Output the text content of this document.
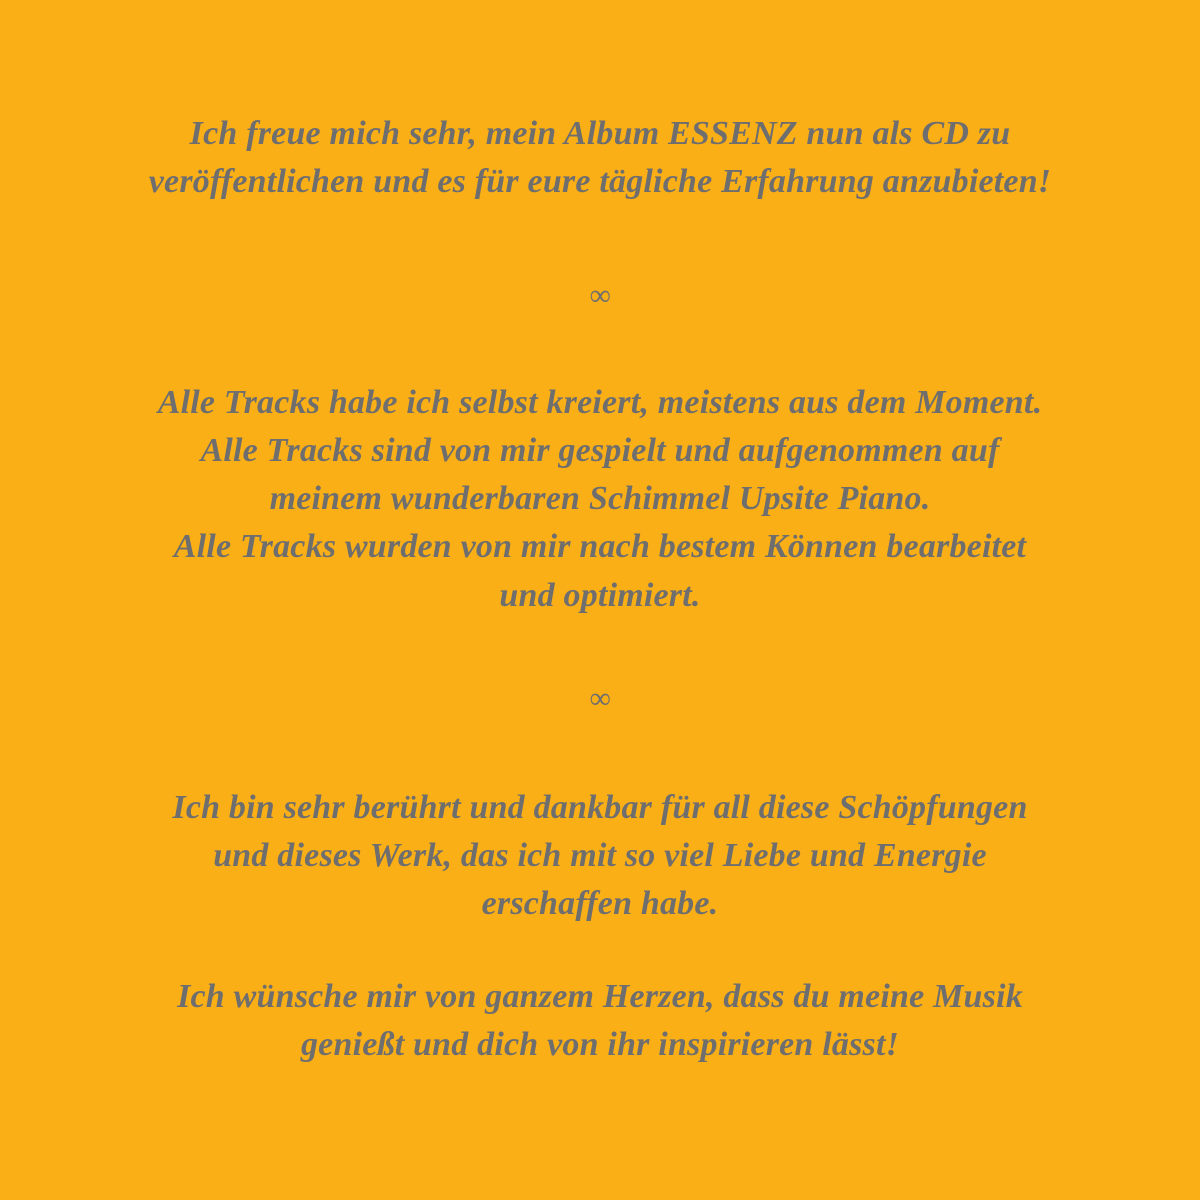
Ich freue mich sehr, mein Album ESSENZ nun als CD zu

veröffentlichen und es für eure tägliche Erfahrung anzubieten!

∞

Alle Tracks habe ich selbst kreiert, meistens aus dem Moment.

Alle Tracks sind von mir gespielt und aufgenommen auf

meinem wunderbaren Schimmel Upsite Piano.

Alle Tracks wurden von mir nach bestem Können bearbeitet

und optimiert.

∞

Ich bin sehr berührt und dankbar für all diese Schöpfungen

und dieses Werk, das ich mit so viel Liebe und Energie

erschaffen habe.

Ich wünsche mir von ganzem Herzen, dass du meine Musik

genießt und dich von ihr inspirieren lässt!
